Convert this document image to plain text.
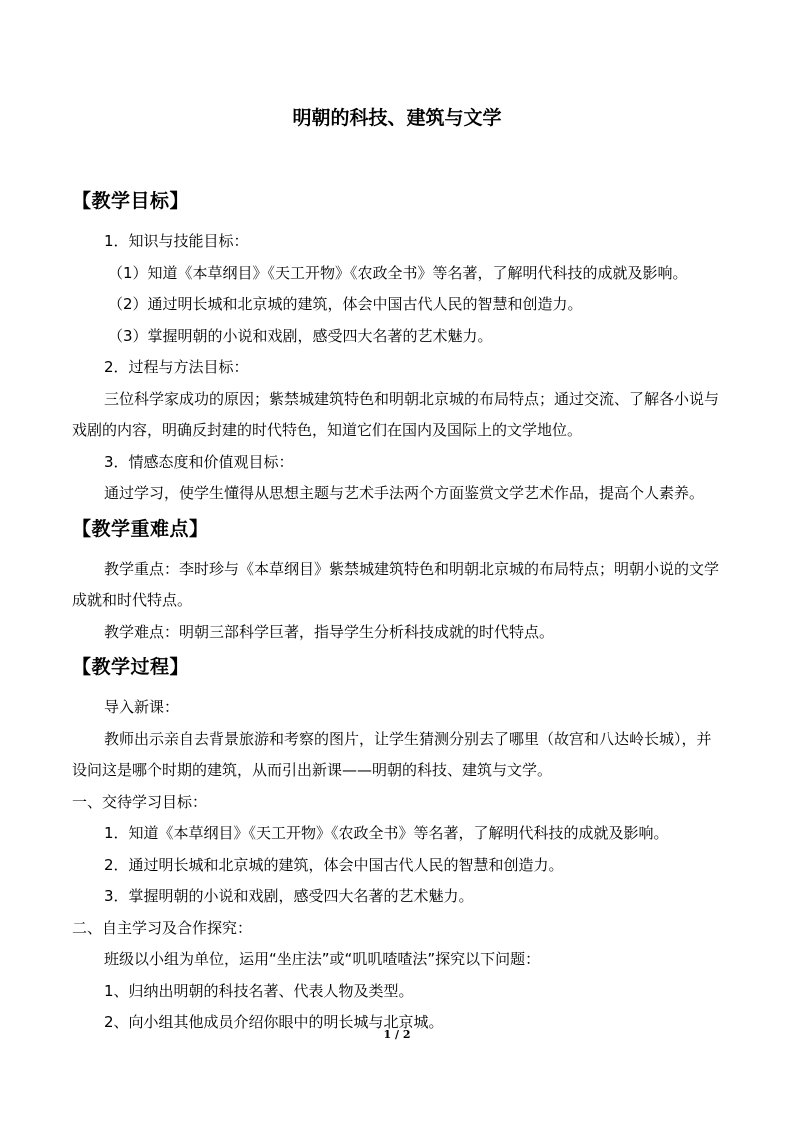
明朝的科技、建筑与文学
【教学目标】

1．知识与技能目标：

（1）知道《本草纲目》《天工开物》《农政全书》等名著，了解明代科技的成就及影响。

（2）通过明长城和北京城的建筑，体会中国古代人民的智慧和创造力。

（3）掌握明朝的小说和戏剧，感受四大名著的艺术魅力。

2．过程与方法目标：

三位科学家成功的原因；紫禁城建筑特色和明朝北京城的布局特点；通过交流、了解各小说与戏剧的内容，明确反封建的时代特色，知道它们在国内及国际上的文学地位。

3．情感态度和价值观目标：

通过学习，使学生懂得从思想主题与艺术手法两个方面鉴赏文学艺术作品，提高个人素养。

【教学重难点】

教学重点：李时珍与《本草纲目》紫禁城建筑特色和明朝北京城的布局特点；明朝小说的文学成就和时代特点。

教学难点：明朝三部科学巨著，指导学生分析科技成就的时代特点。

【教学过程】

导入新课：

教师出示亲自去背景旅游和考察的图片，让学生猜测分别去了哪里（故宫和八达岭长城），并设问这是哪个时期的建筑，从而引出新课——明朝的科技、建筑与文学。

一、交待学习目标：

1．知道《本草纲目》《天工开物》《农政全书》等名著，了解明代科技的成就及影响。

2．通过明长城和北京城的建筑，体会中国古代人民的智慧和创造力。

3．掌握明朝的小说和戏剧，感受四大名著的艺术魅力。

二、自主学习及合作探究：

班级以小组为单位，运用“坐庄法”或“叽叽喳喳法”探究以下问题：

1、归纳出明朝的科技名著、代表人物及类型。

2、向小组其他成员介绍你眼中的明长城与北京城。

1 / 2
